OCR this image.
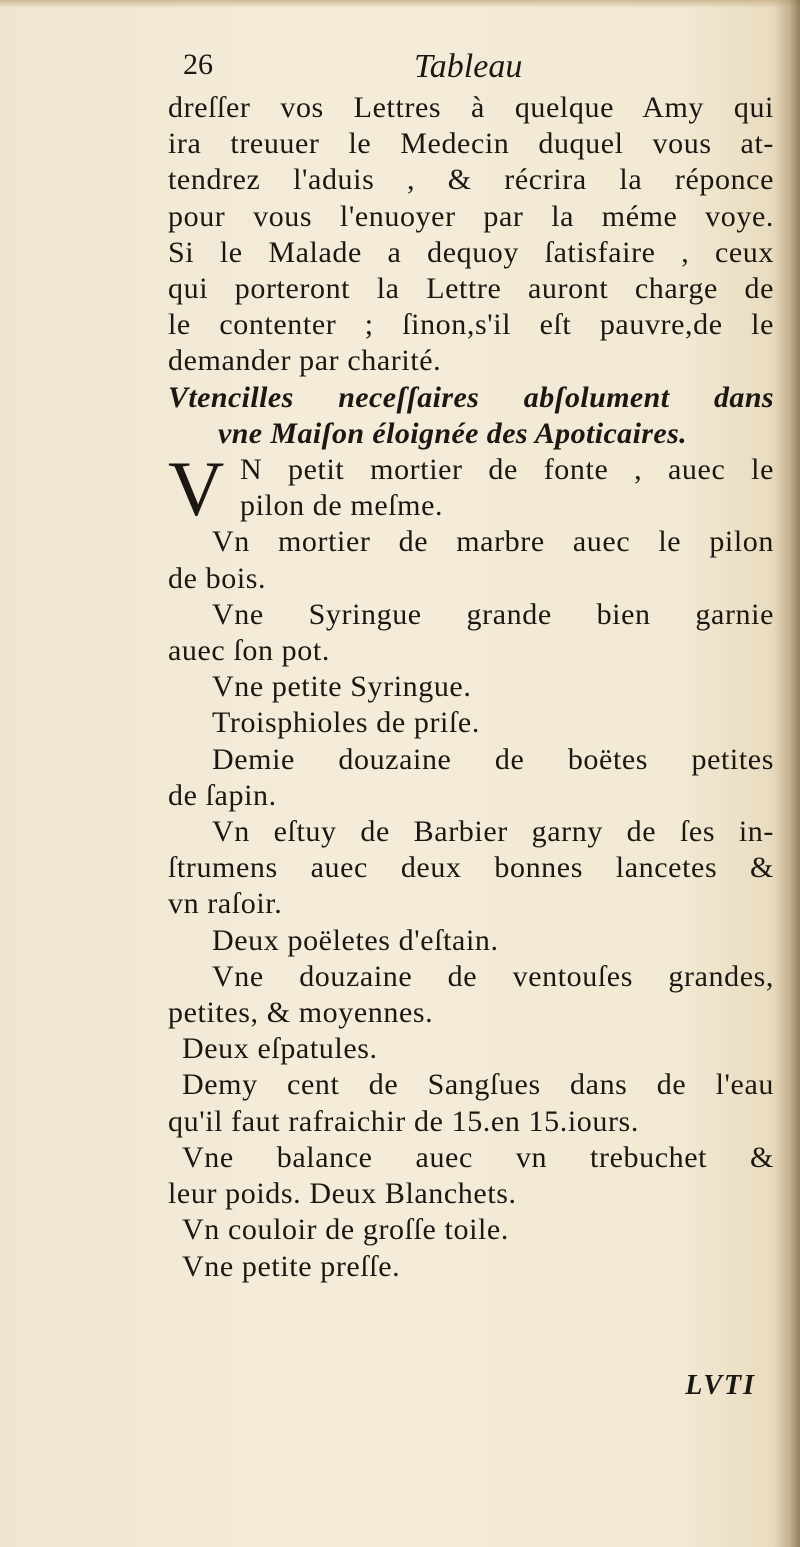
26	Tableau
dreſſer vos Lettres à quelque Amy qui
ira treuuer le Medecin duquel vous at-
tendrez l'aduis , & récrira la réponce
pour vous l'enuoyer par la méme voye.
Si le Malade a dequoy ſatisfaire , ceux
qui porteront la Lettre auront charge de
le contenter ; ſinon,s'il eſt pauvre,de le
demander par charité.
Vtencilles neceſſaires abſolument dans
vne Maiſon éloignée des Apoticaires.
V N petit mortier de fonte , auec le
pilon de meſme.
Vn mortier de marbre auec le pilon
de bois.
Vne Syringue grande bien garnie
auec ſon pot.
Vne petite Syringue.
Troisphioles de priſe.
Demie douzaine de boëtes petites
de ſapin.
Vn eſtuy de Barbier garny de ſes in-
ſtrumens auec deux bonnes lancetes &
vn raſoir.
Deux poëletes d'eſtain.
Vne douzaine de ventouſes grandes,
petites, & moyennes.
Deux eſpatules.
Demy cent de Sangſues dans de l'eau
qu'il faut rafraichir de 15.en 15.iours.
Vne balance auec vn trebuchet &
leur poids. Deux Blanchets.
Vn couloir de groſſe toile.
Vne petite preſſe.
LVTI
